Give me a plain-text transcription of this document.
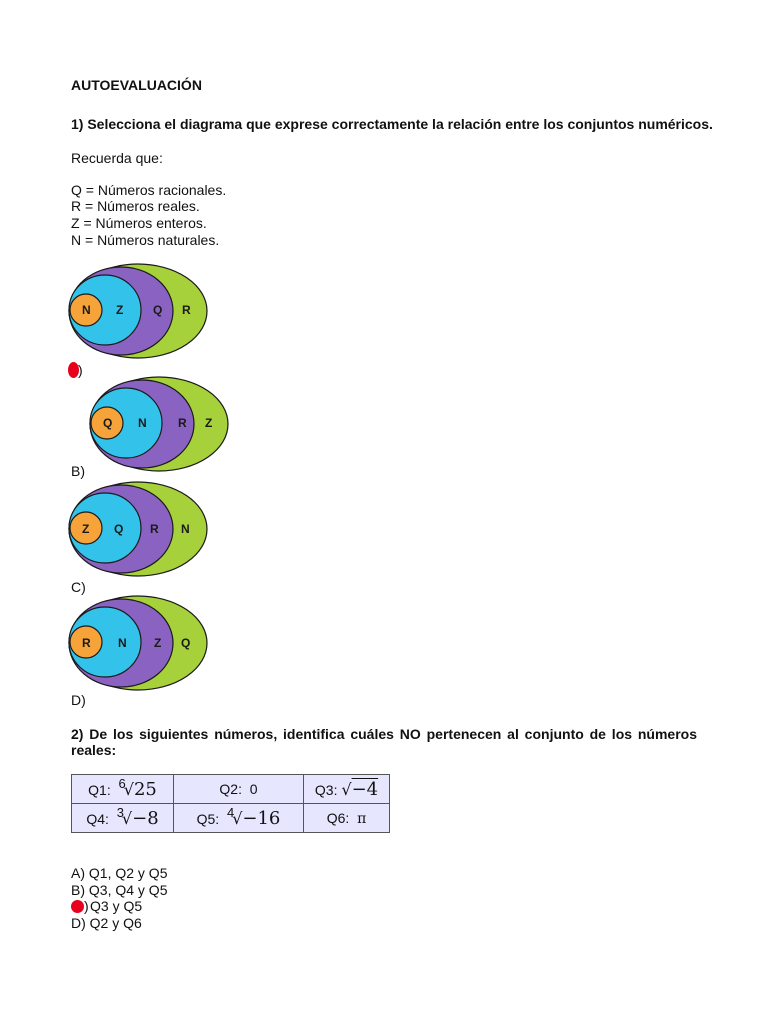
AUTOEVALUACIÓN
1) Selecciona el diagrama que exprese correctamente la relación entre los conjuntos numéricos.
Recuerda que:
Q = Números racionales.
R = Números reales.
Z = Números enteros.
N = Números naturales.
N Z Q R
)
Q N	R Z
B)
Z Q R N
C)
R N Z Q
D)
2) De los siguientes números, identifica cuáles NO pertenecen al conjunto de los números
reales:
Q1: 6√25	Q2: 0	Q3: √−4
Q4: 3√−8	Q5: 4√−16	Q6: π
A) Q1, Q2 y Q5
B) Q3, Q4 y Q5
) Q3 y Q5
D) Q2 y Q6
